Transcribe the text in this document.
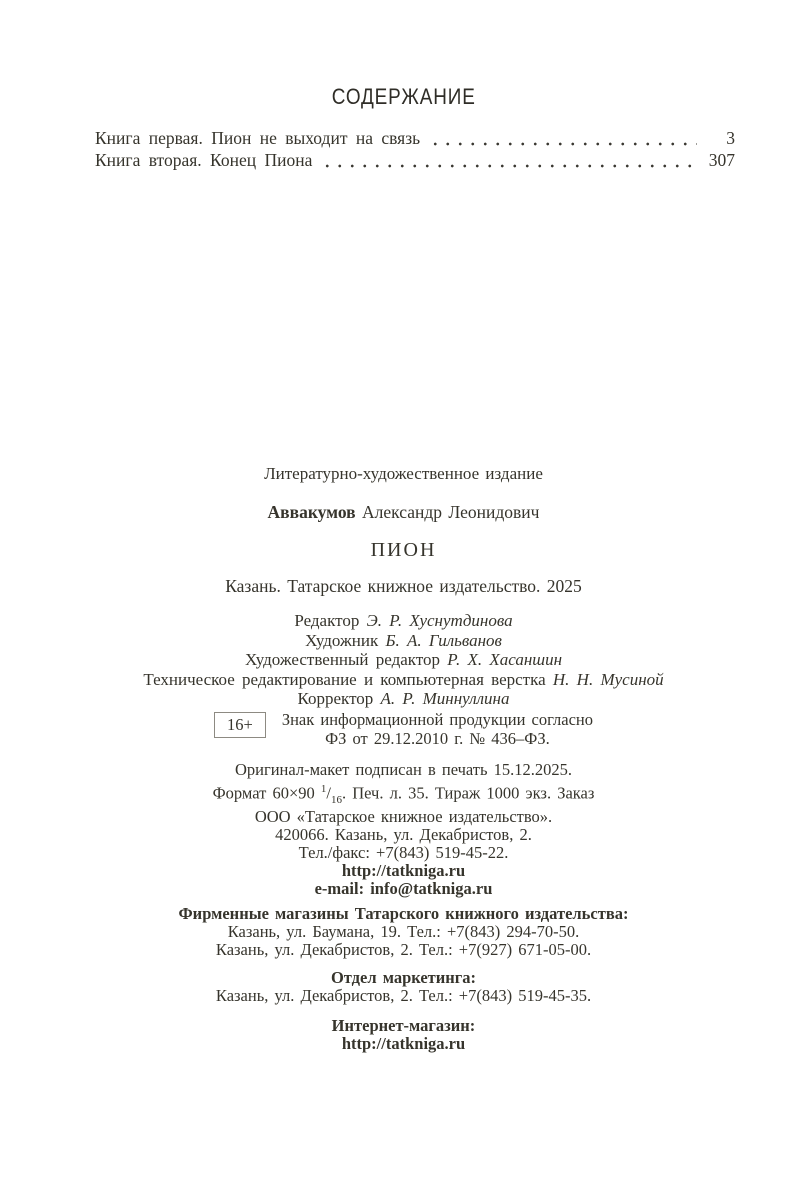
СОДЕРЖАНИЕ
Книга первая. Пион не выходит на связь	3
Книга вторая. Конец Пиона	307
Литературно-художественное издание
Аввакумов Александр Леонидович
ПИОН
Казань. Татарское книжное издательство. 2025
Редактор Э. Р. Хуснутдинова
Художник Б. А. Гильванов
Художественный редактор Р. Х. Хасаншин
Техническое редактирование и компьютерная верстка Н. Н. Мусиной
Корректор А. Р. Миннуллина
16+	Знак информационной продукции согласно
ФЗ от 29.12.2010 г. № 436–ФЗ.
Оригинал-макет подписан в печать 15.12.2025.
Формат 60×90 $^1/_{16}$. Печ. л. 35. Тираж 1000 экз. Заказ
ООО «Татарское книжное издательство».
420066. Казань, ул. Декабристов, 2.
Тел./факс: +7(843) 519-45-22.
http://tatkniga.ru
e-mail: info@tatkniga.ru
Фирменные магазины Татарского книжного издательства:
Казань, ул. Баумана, 19. Тел.: +7(843) 294-70-50.
Казань, ул. Декабристов, 2. Тел.: +7(927) 671-05-00.
Отдел маркетинга:
Казань, ул. Декабристов, 2. Тел.: +7(843) 519-45-35.
Интернет-магазин:
http://tatkniga.ru
